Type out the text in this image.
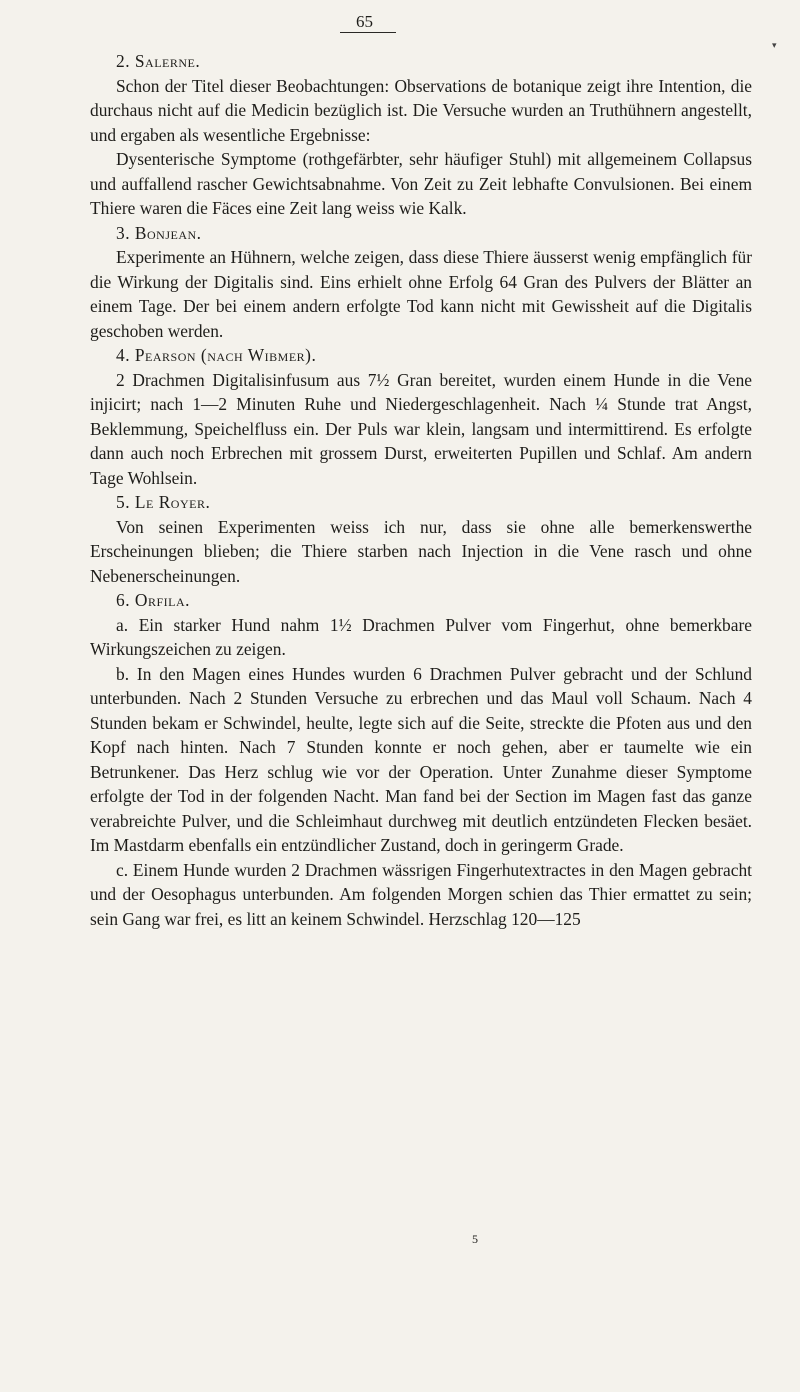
65
▾

2. Salerne.

Schon der Titel dieser Beobachtungen: Observations de botanique zeigt ihre Intention, die durchaus nicht auf die Medicin bezüglich ist. Die Versuche wurden an Truthühnern angestellt, und ergaben als wesentliche Ergebnisse:

Dysenterische Symptome (rothgefärbter, sehr häufiger Stuhl) mit allgemeinem Collapsus und auffallend rascher Gewichtsabnahme. Von Zeit zu Zeit lebhafte Convulsionen. Bei einem Thiere waren die Fäces eine Zeit lang weiss wie Kalk.

3. Bonjean.

Experimente an Hühnern, welche zeigen, dass diese Thiere äusserst wenig empfänglich für die Wirkung der Digitalis sind. Eins erhielt ohne Erfolg 64 Gran des Pulvers der Blätter an einem Tage. Der bei einem andern erfolgte Tod kann nicht mit Gewissheit auf die Digitalis geschoben werden.

4. Pearson (nach Wibmer).

2 Drachmen Digitalisinfusum aus 7½ Gran bereitet, wurden einem Hunde in die Vene injicirt; nach 1—2 Minuten Ruhe und Niedergeschlagenheit. Nach ¼ Stunde trat Angst, Beklemmung, Speichelfluss ein. Der Puls war klein, langsam und intermittirend. Es erfolgte dann auch noch Erbrechen mit grossem Durst, erweiterten Pupillen und Schlaf. Am andern Tage Wohlsein.

5. Le Royer.

Von seinen Experimenten weiss ich nur, dass sie ohne alle bemerkenswerthe Erscheinungen blieben; die Thiere starben nach Injection in die Vene rasch und ohne Nebenerscheinungen.

6. Orfila.

a. Ein starker Hund nahm 1½ Drachmen Pulver vom Fingerhut, ohne bemerkbare Wirkungszeichen zu zeigen.

b. In den Magen eines Hundes wurden 6 Drachmen Pulver gebracht und der Schlund unterbunden. Nach 2 Stunden Versuche zu erbrechen und das Maul voll Schaum. Nach 4 Stunden bekam er Schwindel, heulte, legte sich auf die Seite, streckte die Pfoten aus und den Kopf nach hinten. Nach 7 Stunden konnte er noch gehen, aber er taumelte wie ein Betrunkener. Das Herz schlug wie vor der Operation. Unter Zunahme dieser Symptome erfolgte der Tod in der folgenden Nacht. Man fand bei der Section im Magen fast das ganze verabreichte Pulver, und die Schleimhaut durchweg mit deutlich entzündeten Flecken besäet. Im Mastdarm ebenfalls ein entzündlicher Zustand, doch in geringerm Grade.

c. Einem Hunde wurden 2 Drachmen wässrigen Fingerhutextractes in den Magen gebracht und der Oesophagus unterbunden. Am folgenden Morgen schien das Thier ermattet zu sein; sein Gang war frei, es litt an keinem Schwindel. Herzschlag 120—125

5
